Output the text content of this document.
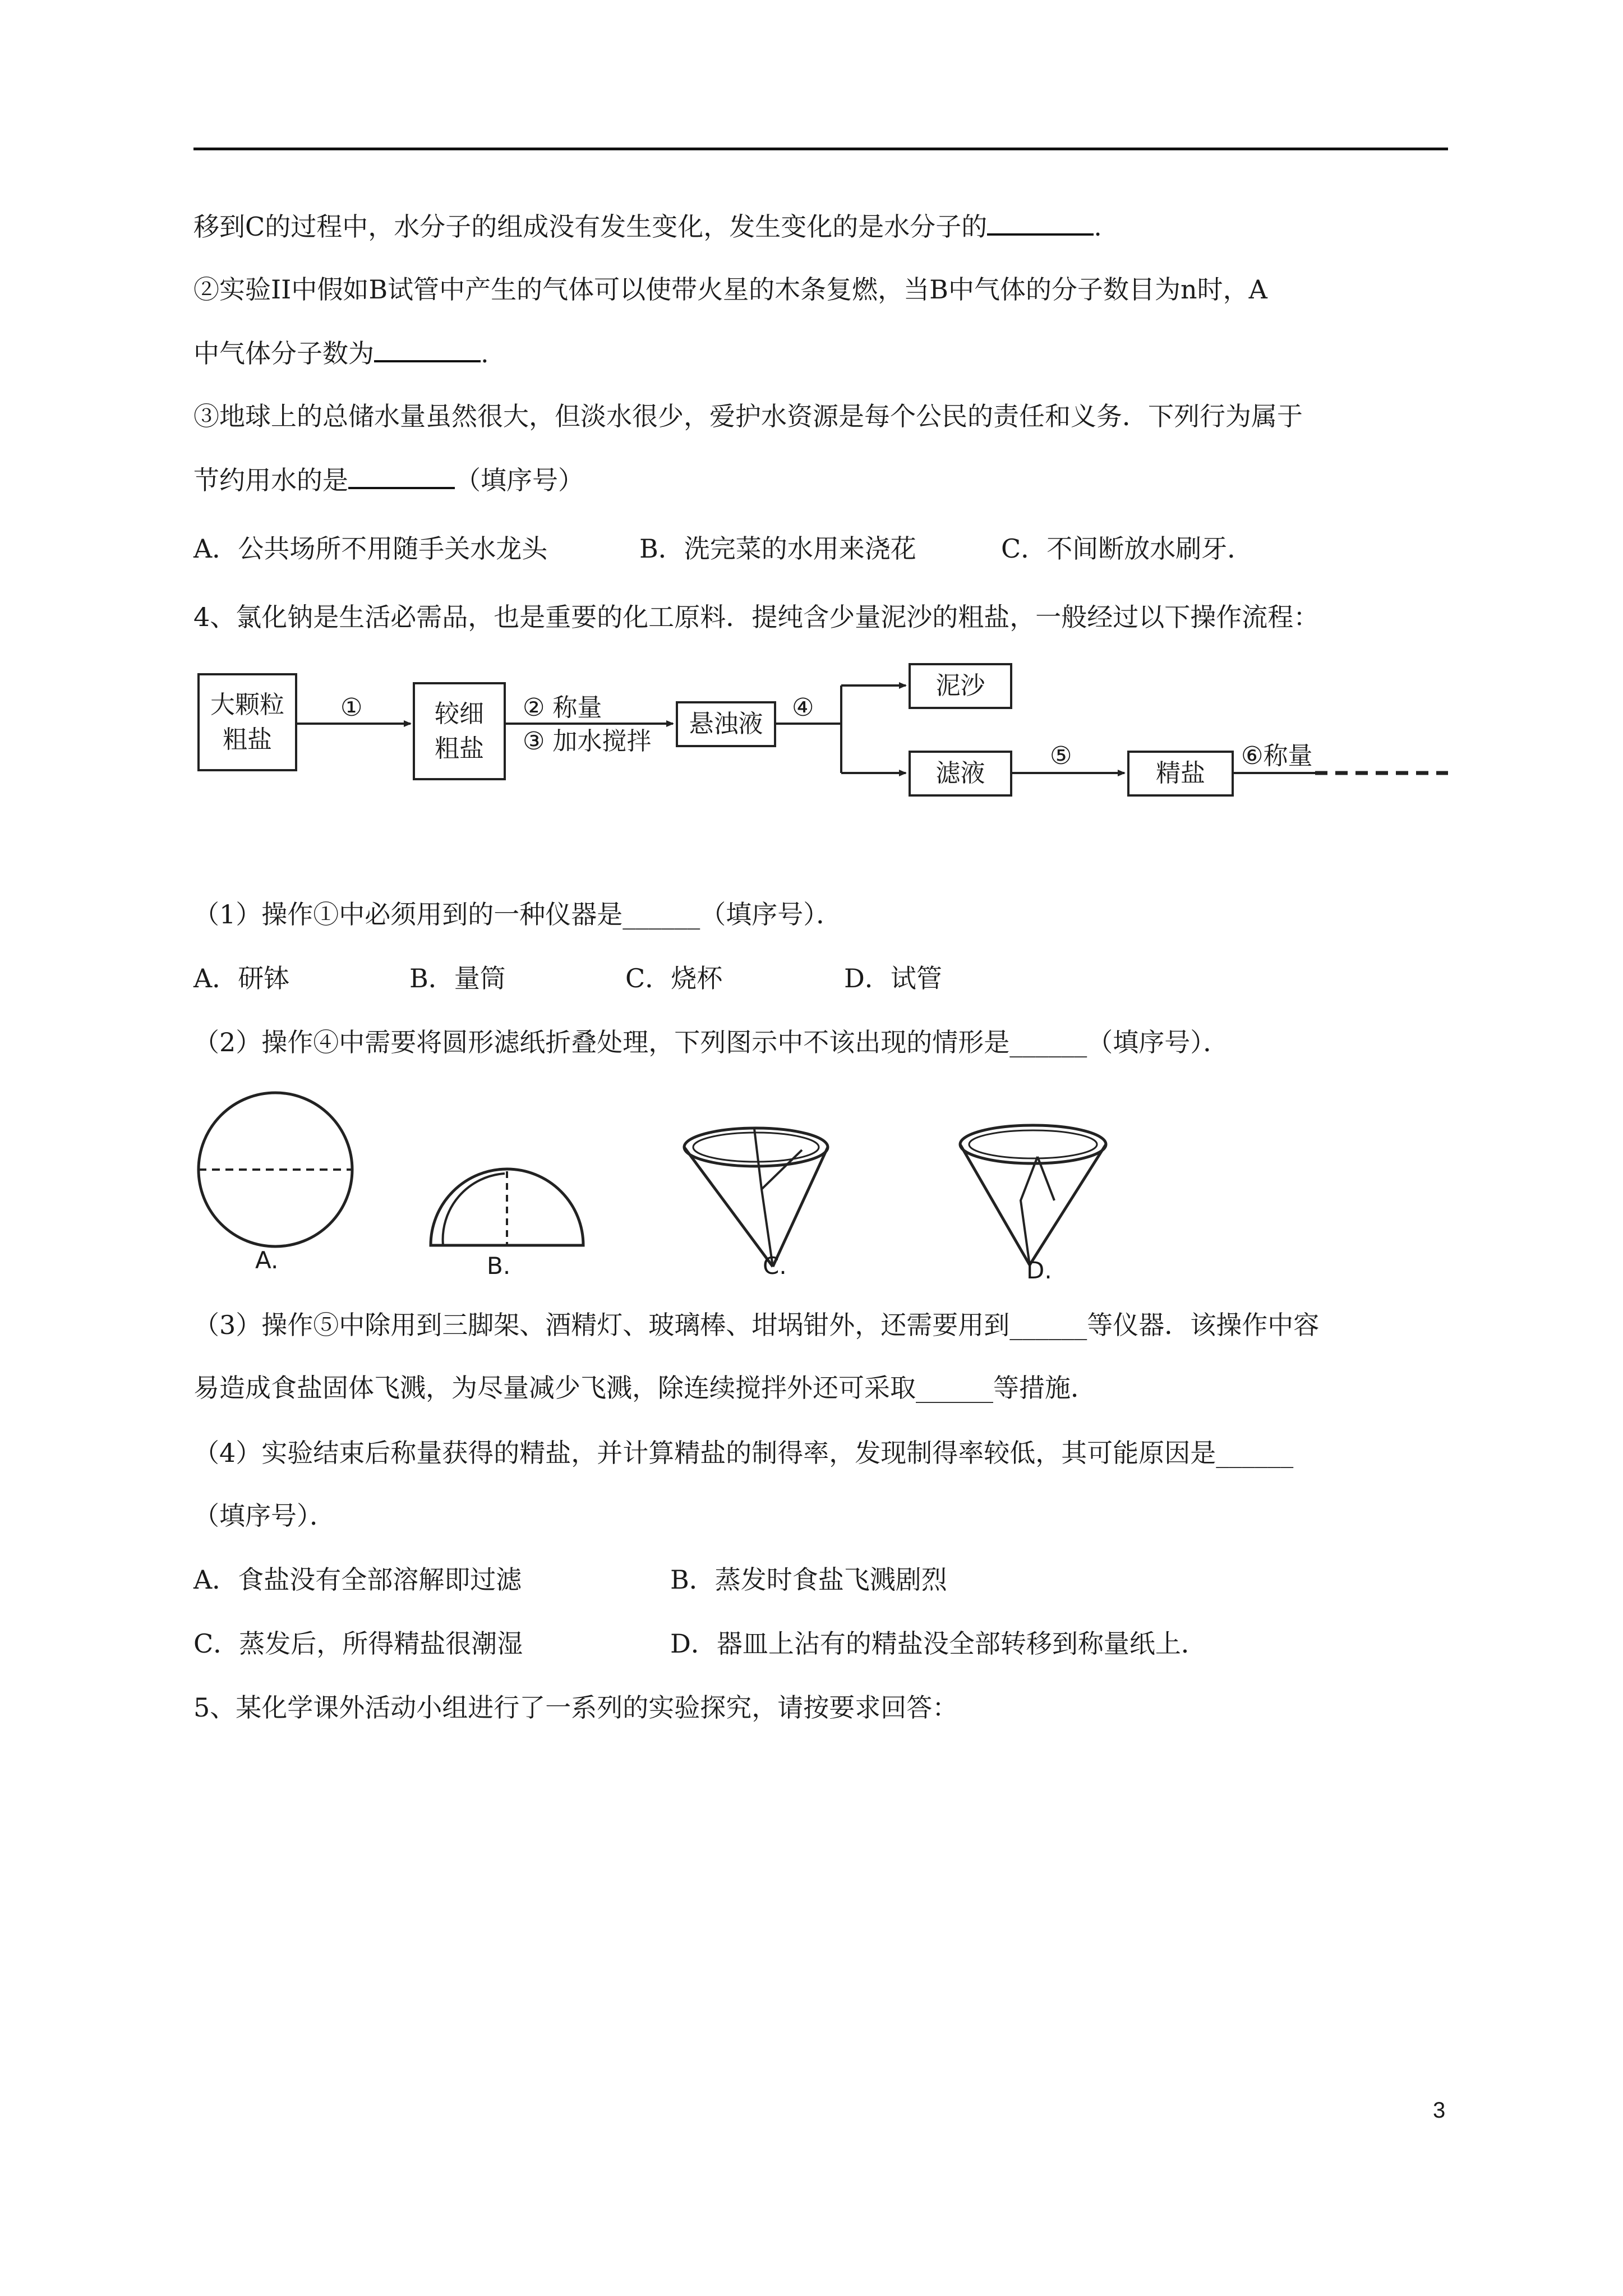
移到C的过程中，水分子的组成没有发生变化，发生变化的是水分子的	.
②实验II中假如B试管中产生的气体可以使带火星的木条复燃，当B中气体的分子数目为n时，A
中气体分子数为	.
③地球上的总储水量虽然很大，但淡水很少，爱护水资源是每个公民的责任和义务．下列行为属于
节约用水的是	（填序号）
A．公共场所不用随手关水龙头	B．洗完菜的水用来浇花	C．不间断放水刷牙．
4、氯化钠是生活必需品，也是重要的化工原料．提纯含少量泥沙的粗盐，一般经过以下操作流程：
大颗粒
粗盐
较细
粗盐
悬浊液
泥沙
滤液	精盐
①	② 称量
③ 加水搅拌
④
⑤	⑥称量
（1）操作①中必须用到的一种仪器是______（填序号）．
A．研钵	B．量筒	C．烧杯	D．试管
（2）操作④中需要将圆形滤纸折叠处理，下列图示中不该出现的情形是______（填序号）．
A.	B.	C.	D.
（3）操作⑤中除用到三脚架、酒精灯、玻璃棒、坩埚钳外，还需要用到______等仪器．该操作中容
易造成食盐固体飞溅，为尽量减少飞溅，除连续搅拌外还可采取______等措施．
（4）实验结束后称量获得的精盐，并计算精盐的制得率，发现制得率较低，其可能原因是______
（填序号）．
A．食盐没有全部溶解即过滤	B．蒸发时食盐飞溅剧烈
C．蒸发后，所得精盐很潮湿	D．器皿上沾有的精盐没全部转移到称量纸上．
5、某化学课外活动小组进行了一系列的实验探究，请按要求回答：
3
